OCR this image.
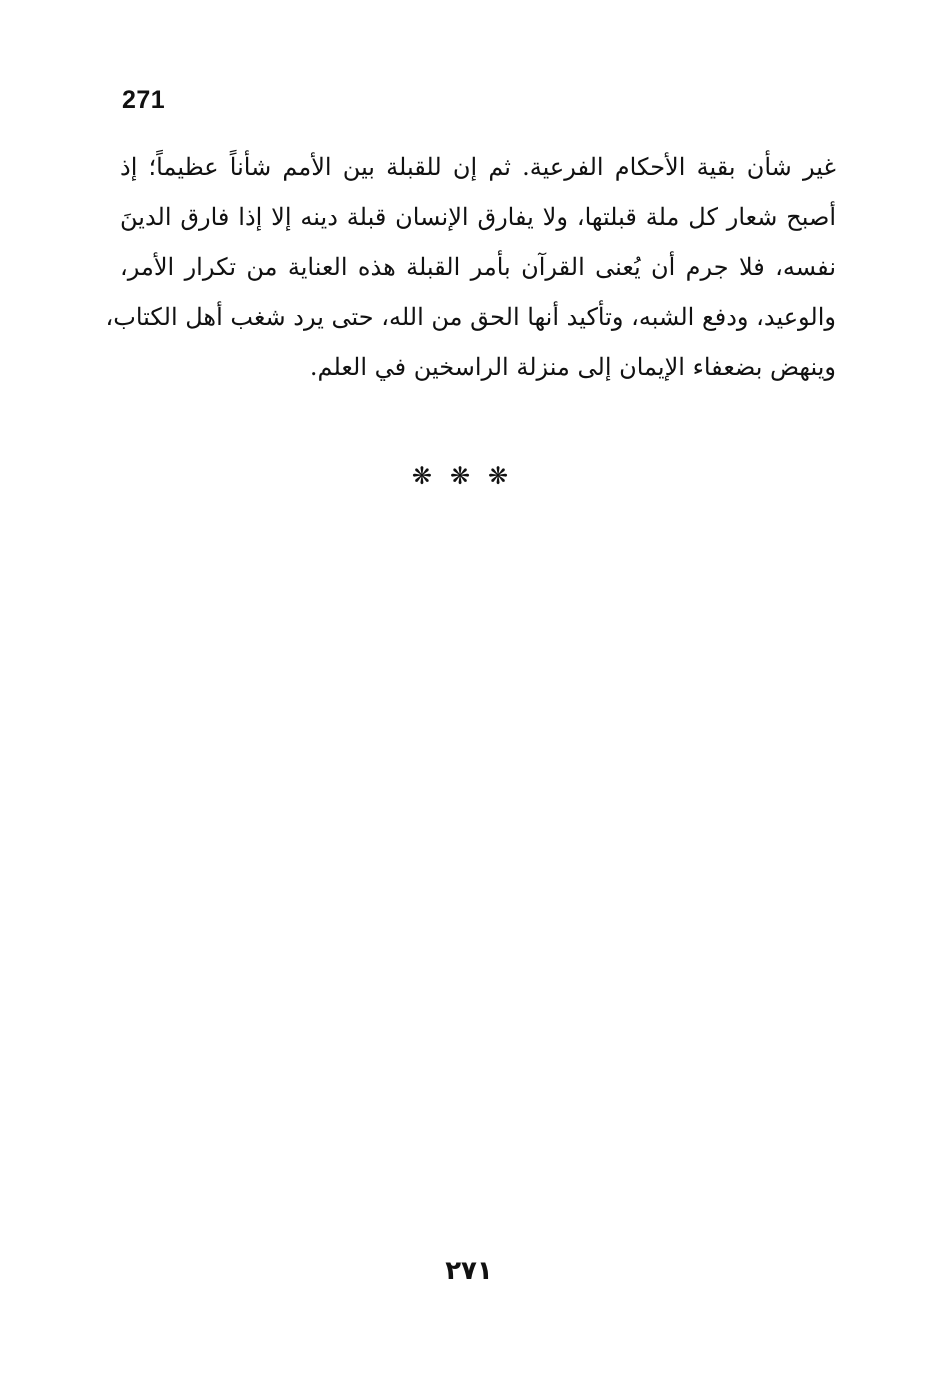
271
غير شأن بقية الأحكام الفرعية. ثم إن للقبلة بين الأمم شأناً عظيماً؛ إذ
أصبح شعار كل ملة قبلتها، ولا يفارق الإنسان قبلة دينه إلا إذا فارق الدينَ
نفسه، فلا جرم أن يُعنى القرآن بأمر القبلة هذه العناية من تكرار الأمر،
والوعيد، ودفع الشبه، وتأكيد أنها الحق من الله، حتى يرد شغب أهل الكتاب،
وينهض بضعفاء الإيمان إلى منزلة الراسخين في العلم.
❋❋❋
٢٧١
